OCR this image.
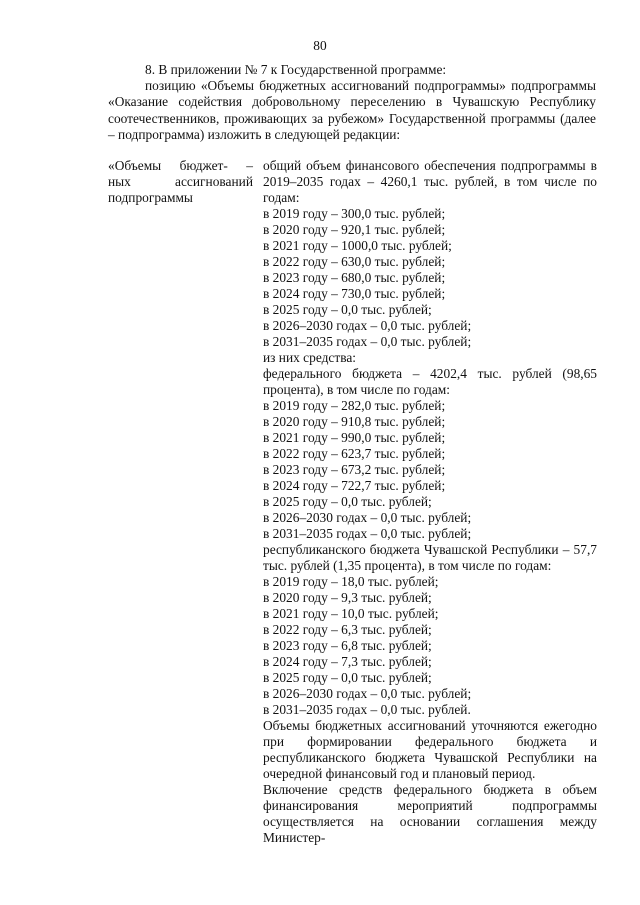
80

8. В приложении № 7 к Государственной программе:

позицию «Объемы бюджетных ассигнований подпрограммы» подпрограммы «Оказание содействия добровольному переселению в Чувашскую Республику соотечественников, проживающих за рубежом» Государственной программы (далее – подпрограмма) изложить в следующей редакции:

«Объемы бюджет- –
ных	ассигнований
подпрограммы

общий объем финансового обеспечения подпрограммы в 2019–2035 годах – 4260,1 тыс. рублей, в том числе по годам:

в 2019 году – 300,0 тыс. рублей;

в 2020 году – 920,1 тыс. рублей;

в 2021 году – 1000,0 тыс. рублей;

в 2022 году – 630,0 тыс. рублей;

в 2023 году – 680,0 тыс. рублей;

в 2024 году – 730,0 тыс. рублей;

в 2025 году – 0,0 тыс. рублей;

в 2026–2030 годах – 0,0 тыс. рублей;

в 2031–2035 годах – 0,0 тыс. рублей;

из них средства:

федерального бюджета – 4202,4 тыс. рублей (98,65 процента), в том числе по годам:

в 2019 году – 282,0 тыс. рублей;

в 2020 году – 910,8 тыс. рублей;

в 2021 году – 990,0 тыс. рублей;

в 2022 году – 623,7 тыс. рублей;

в 2023 году – 673,2 тыс. рублей;

в 2024 году – 722,7 тыс. рублей;

в 2025 году – 0,0 тыс. рублей;

в 2026–2030 годах – 0,0 тыс. рублей;

в 2031–2035 годах – 0,0 тыс. рублей;

республиканского бюджета Чувашской Республики – 57,7 тыс. рублей (1,35 процента), в том числе по годам:

в 2019 году – 18,0 тыс. рублей;

в 2020 году – 9,3 тыс. рублей;

в 2021 году – 10,0 тыс. рублей;

в 2022 году – 6,3 тыс. рублей;

в 2023 году – 6,8 тыс. рублей;

в 2024 году – 7,3 тыс. рублей;

в 2025 году – 0,0 тыс. рублей;

в 2026–2030 годах – 0,0 тыс. рублей;

в 2031–2035 годах – 0,0 тыс. рублей.

Объемы бюджетных ассигнований уточняются ежегодно при формировании федерального бюджета и республиканского бюджета Чувашской Республики на очередной финансовый год и плановый период.

Включение средств федерального бюджета в объем финансирования мероприятий подпрограммы осуществляется на основании соглашения между Министер-
